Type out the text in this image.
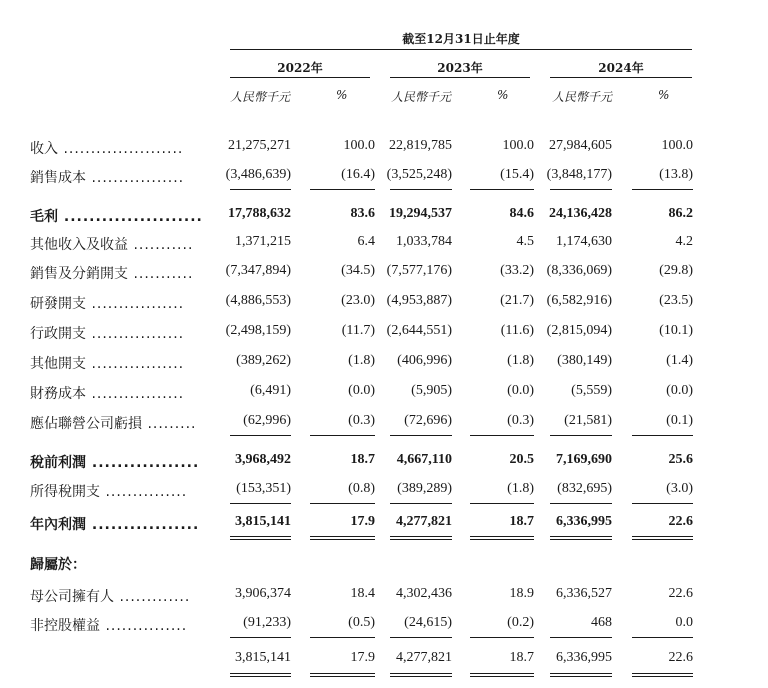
截至12月31日止年度
2022年	2023年	2024年
人民幣千元	%	人民幣千元	%	人民幣千元	%
收入 ......................	21,275,271	100.0 22,819,785	100.0 27,984,605	100.0
銷售成本 .................	(3,486,639)	(16.4) (3,525,248)	(15.4) (3,848,177)	(13.8)
毛利 ...................... 17,788,632	83.6 19,294,537	84.6 24,136,428	86.2
其他收入及收益 ...........	1,371,215	6.4 1,033,784	4.5 1,174,630	4.2
銷售及分銷開支 ........... (7,347,894)	(34.5) (7,577,176)	(33.2) (8,336,069)	(29.8)
研發開支 .................	(4,886,553)	(23.0) (4,953,887)	(21.7) (6,582,916)	(23.5)
行政開支 .................	(2,498,159)	(11.7) (2,644,551)	(11.6) (2,815,094)	(10.1)
其他開支 .................	(389,262)	(1.8) (406,996)	(1.8) (380,149)	(1.4)
財務成本 .................	(6,491)	(0.0)	(5,905)	(0.0)	(5,559)	(0.0)
應佔聯營公司虧損 .........	(62,996)	(0.3) (72,696)	(0.3) (21,581)	(0.1)
稅前利潤 .................	3,968,492	18.7 4,667,110	20.5 7,169,690	25.6
所得稅開支 ...............	(153,351)	(0.8) (389,289)	(1.8) (832,695)	(3.0)
年內利潤 .................	3,815,141	17.9 4,277,821	18.7 6,336,995	22.6
歸屬於：
母公司擁有人 .............	3,906,374	18.4 4,302,436	18.9 6,336,527	22.6
非控股權益 ...............	(91,233)	(0.5) (24,615)	(0.2)	468	0.0
3,815,141	17.9 4,277,821	18.7 6,336,995	22.6
